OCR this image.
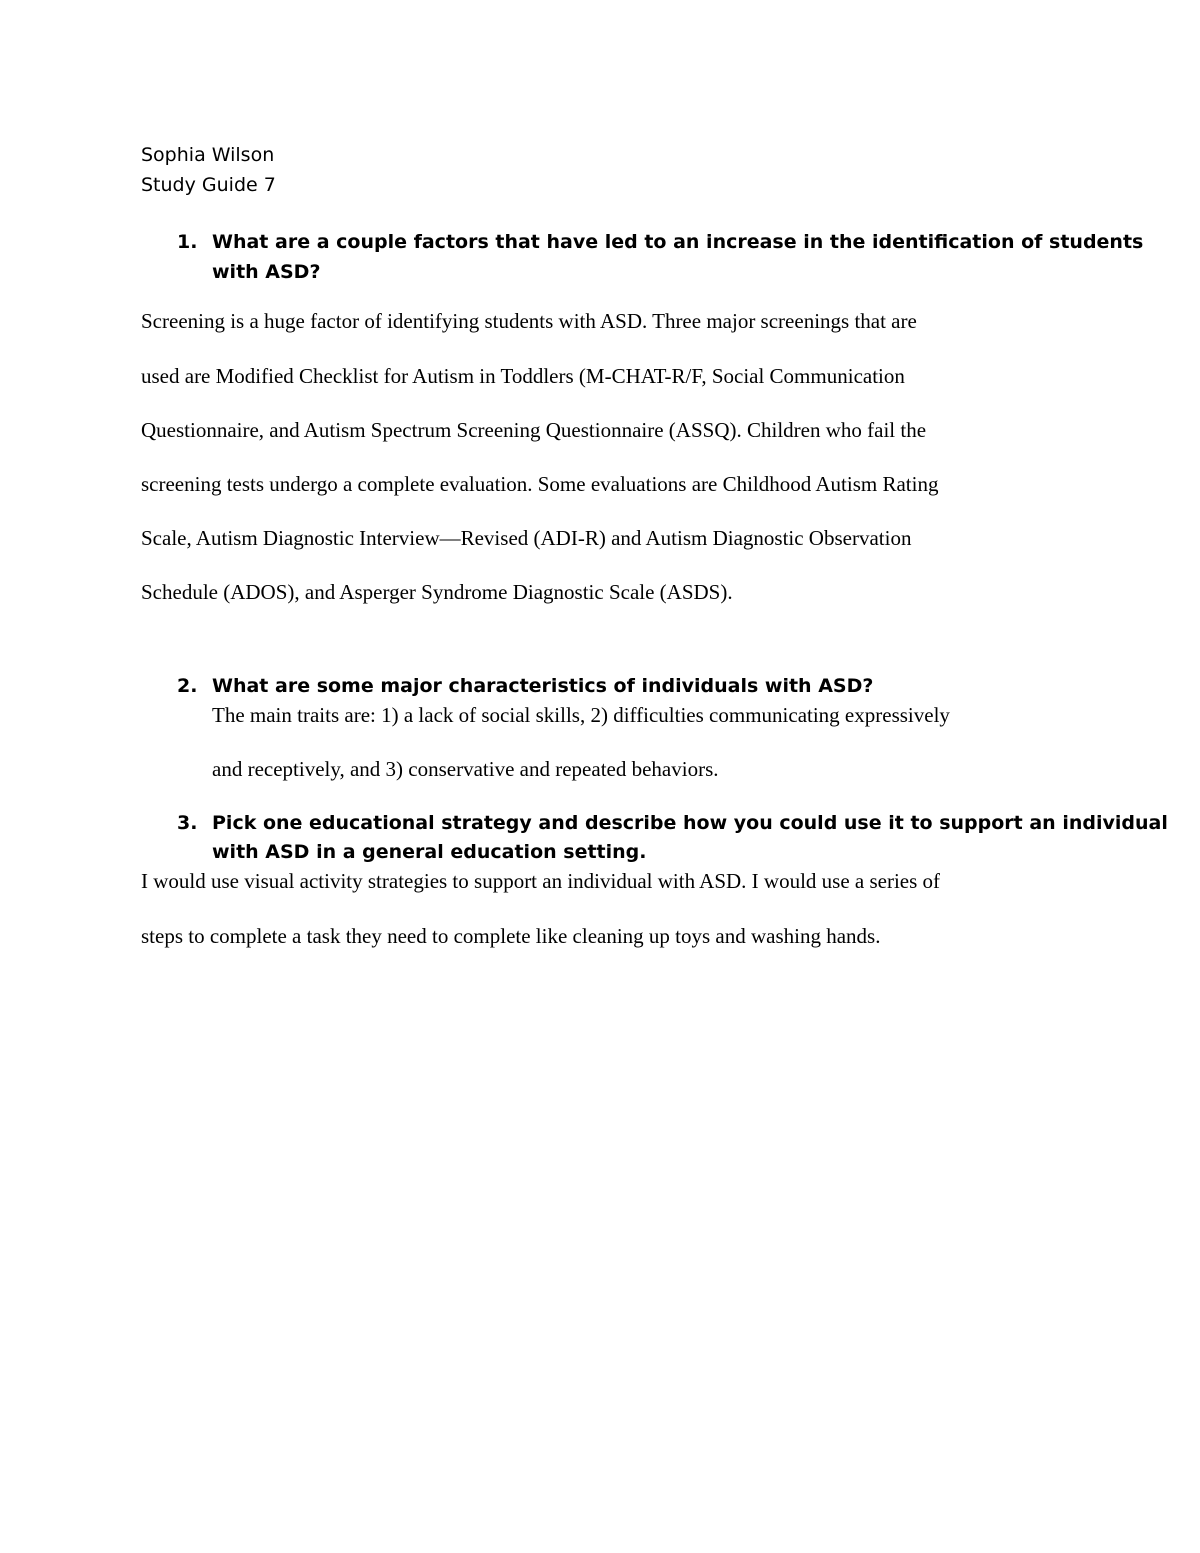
Sophia Wilson
Study Guide 7
1. What are a couple factors that have led to an increase in the identification of students
with ASD?
Screening is a huge factor of identifying students with ASD. Three major screenings that are
used are Modified Checklist for Autism in Toddlers (M-CHAT-R/F, Social Communication
Questionnaire, and Autism Spectrum Screening Questionnaire (ASSQ). Children who fail the
screening tests undergo a complete evaluation. Some evaluations are Childhood Autism Rating
Scale, Autism Diagnostic Interview—Revised (ADI-R) and Autism Diagnostic Observation
Schedule (ADOS), and Asperger Syndrome Diagnostic Scale (ASDS).
2. What are some major characteristics of individuals with ASD?
The main traits are: 1) a lack of social skills, 2) difficulties communicating expressively
and receptively, and 3) conservative and repeated behaviors.
3. Pick one educational strategy and describe how you could use it to support an individual
with ASD in a general education setting.
I would use visual activity strategies to support an individual with ASD. I would use a series of
steps to complete a task they need to complete like cleaning up toys and washing hands.
